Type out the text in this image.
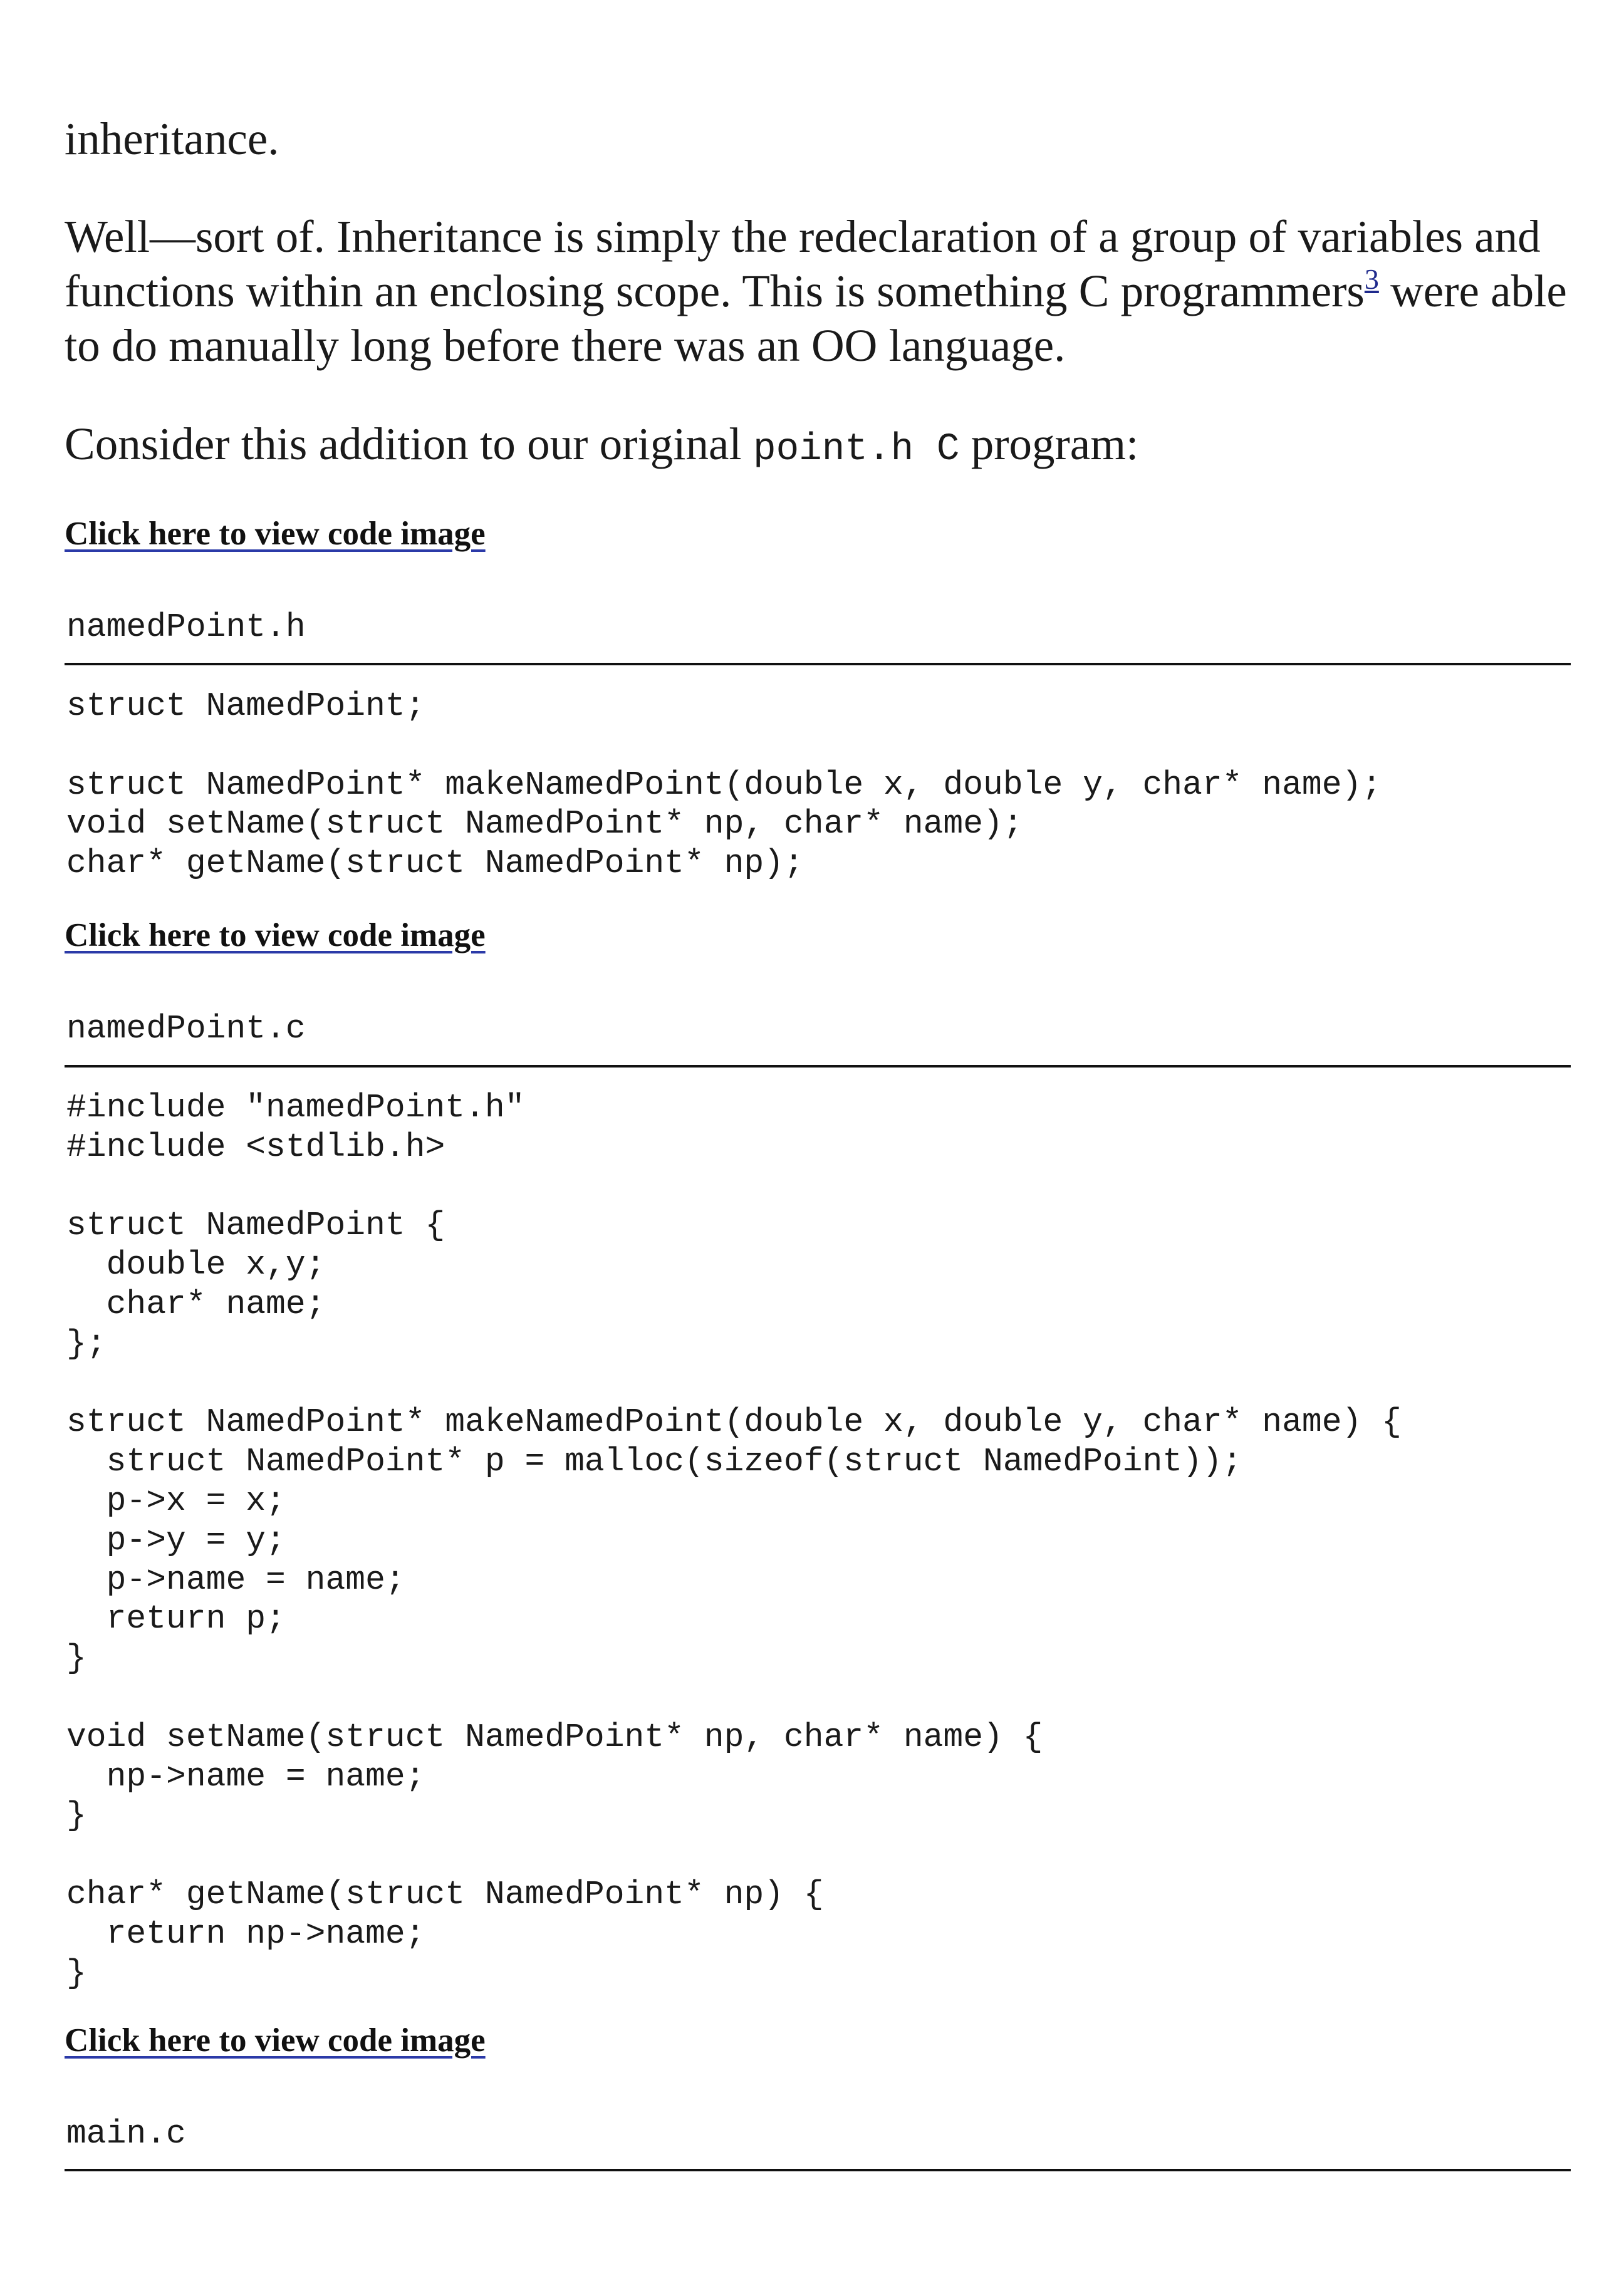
inheritance.

Well—sort of. Inheritance is simply the redeclaration of a group of variables and functions within an enclosing scope. This is something C programmers$^3$ were able to do manually long before there was an OO language.

Consider this addition to our original point.h C program:

Click here to view code image
namedPoint.h
struct NamedPoint;

struct NamedPoint* makeNamedPoint(double x, double y, char* name);
void setName(struct NamedPoint* np, char* name);
char* getName(struct NamedPoint* np);
Click here to view code image
namedPoint.c
#include "namedPoint.h"
#include <stdlib.h>

struct NamedPoint {
double x,y;
char* name;
};

struct NamedPoint* makeNamedPoint(double x, double y, char* name) {
struct NamedPoint* p = malloc(sizeof(struct NamedPoint));
p->x = x;
p->y = y;
p->name = name;
return p;
}

void setName(struct NamedPoint* np, char* name) {
np->name = name;
}

char* getName(struct NamedPoint* np) {
return np->name;
}
Click here to view code image
main.c
